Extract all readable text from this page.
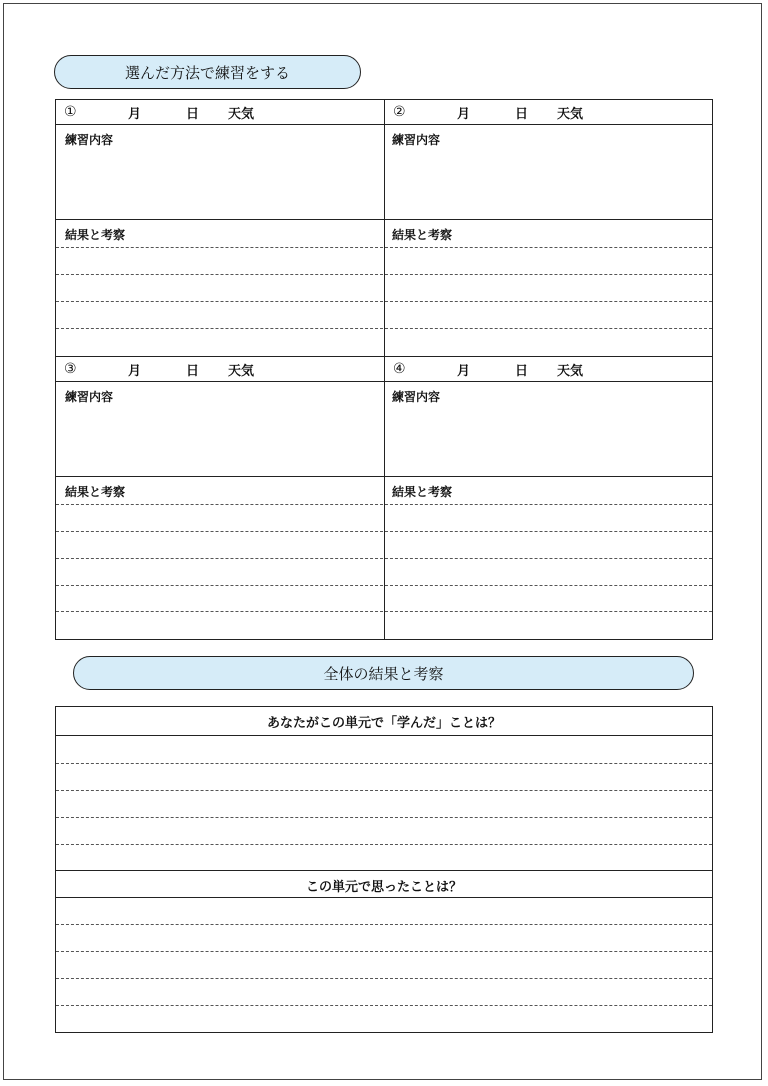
選んだ方法で練習をする
①	月	日 天気
練習内容
結果と考察
②	月	日 天気
練習内容
結果と考察
③	月	日 天気
練習内容
結果と考察
④	月	日 天気
練習内容
結果と考察
全体の結果と考察
あなたがこの単元で「学んだ」ことは？
この単元で思ったことは？
